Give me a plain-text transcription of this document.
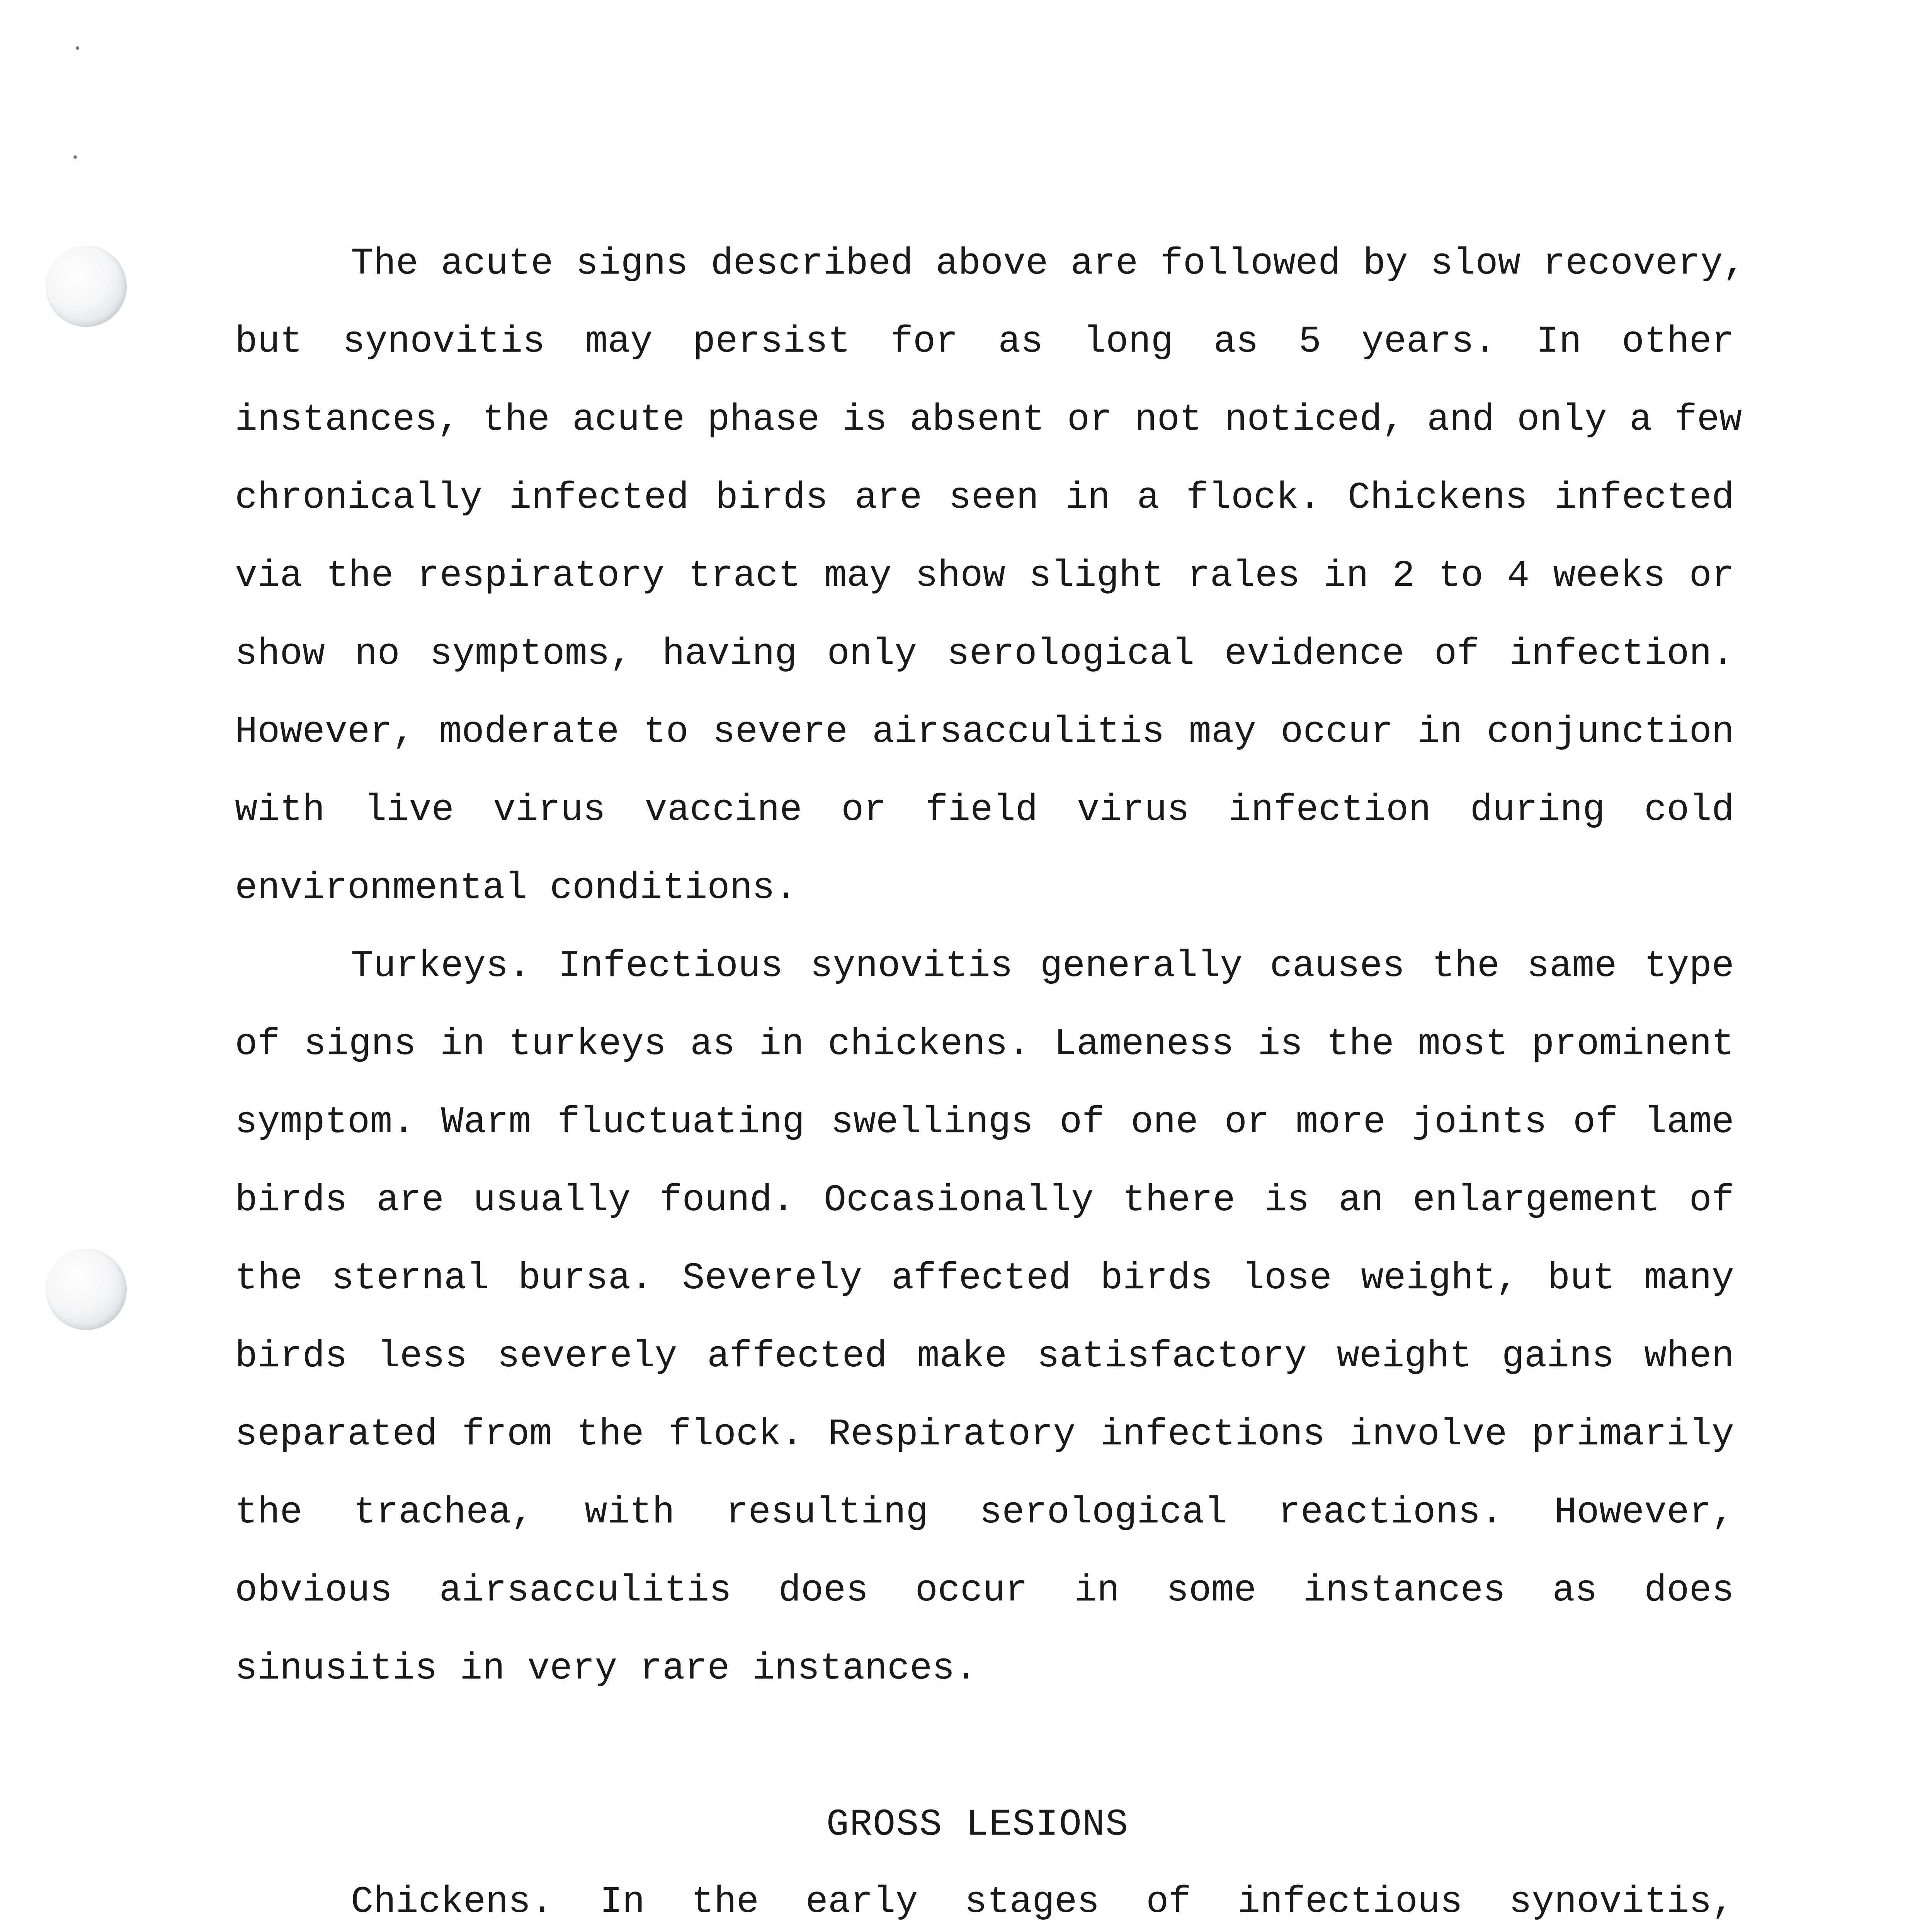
The acute signs described above are followed by slow recovery,
but synovitis may persist for as long as 5 years. In other
instances, the acute phase is absent or not noticed, and only a few
chronically infected birds are seen in a flock. Chickens infected
via the respiratory tract may show slight rales in 2 to 4 weeks or
show no symptoms, having only serological evidence of infection.
However, moderate to severe airsacculitis may occur in conjunction
with live virus vaccine or field virus infection during cold
environmental conditions.
Turkeys. Infectious synovitis generally causes the same type
of signs in turkeys as in chickens. Lameness is the most prominent
symptom. Warm fluctuating swellings of one or more joints of lame
birds are usually found. Occasionally there is an enlargement of
the sternal bursa. Severely affected birds lose weight, but many
birds less severely affected make satisfactory weight gains when
separated from the flock. Respiratory infections involve primarily
the trachea, with resulting serological reactions. However,
obvious airsacculitis does occur in some instances as does
sinusitis in very rare instances.
GROSS LESIONS
Chickens. In the early stages of infectious synovitis,
